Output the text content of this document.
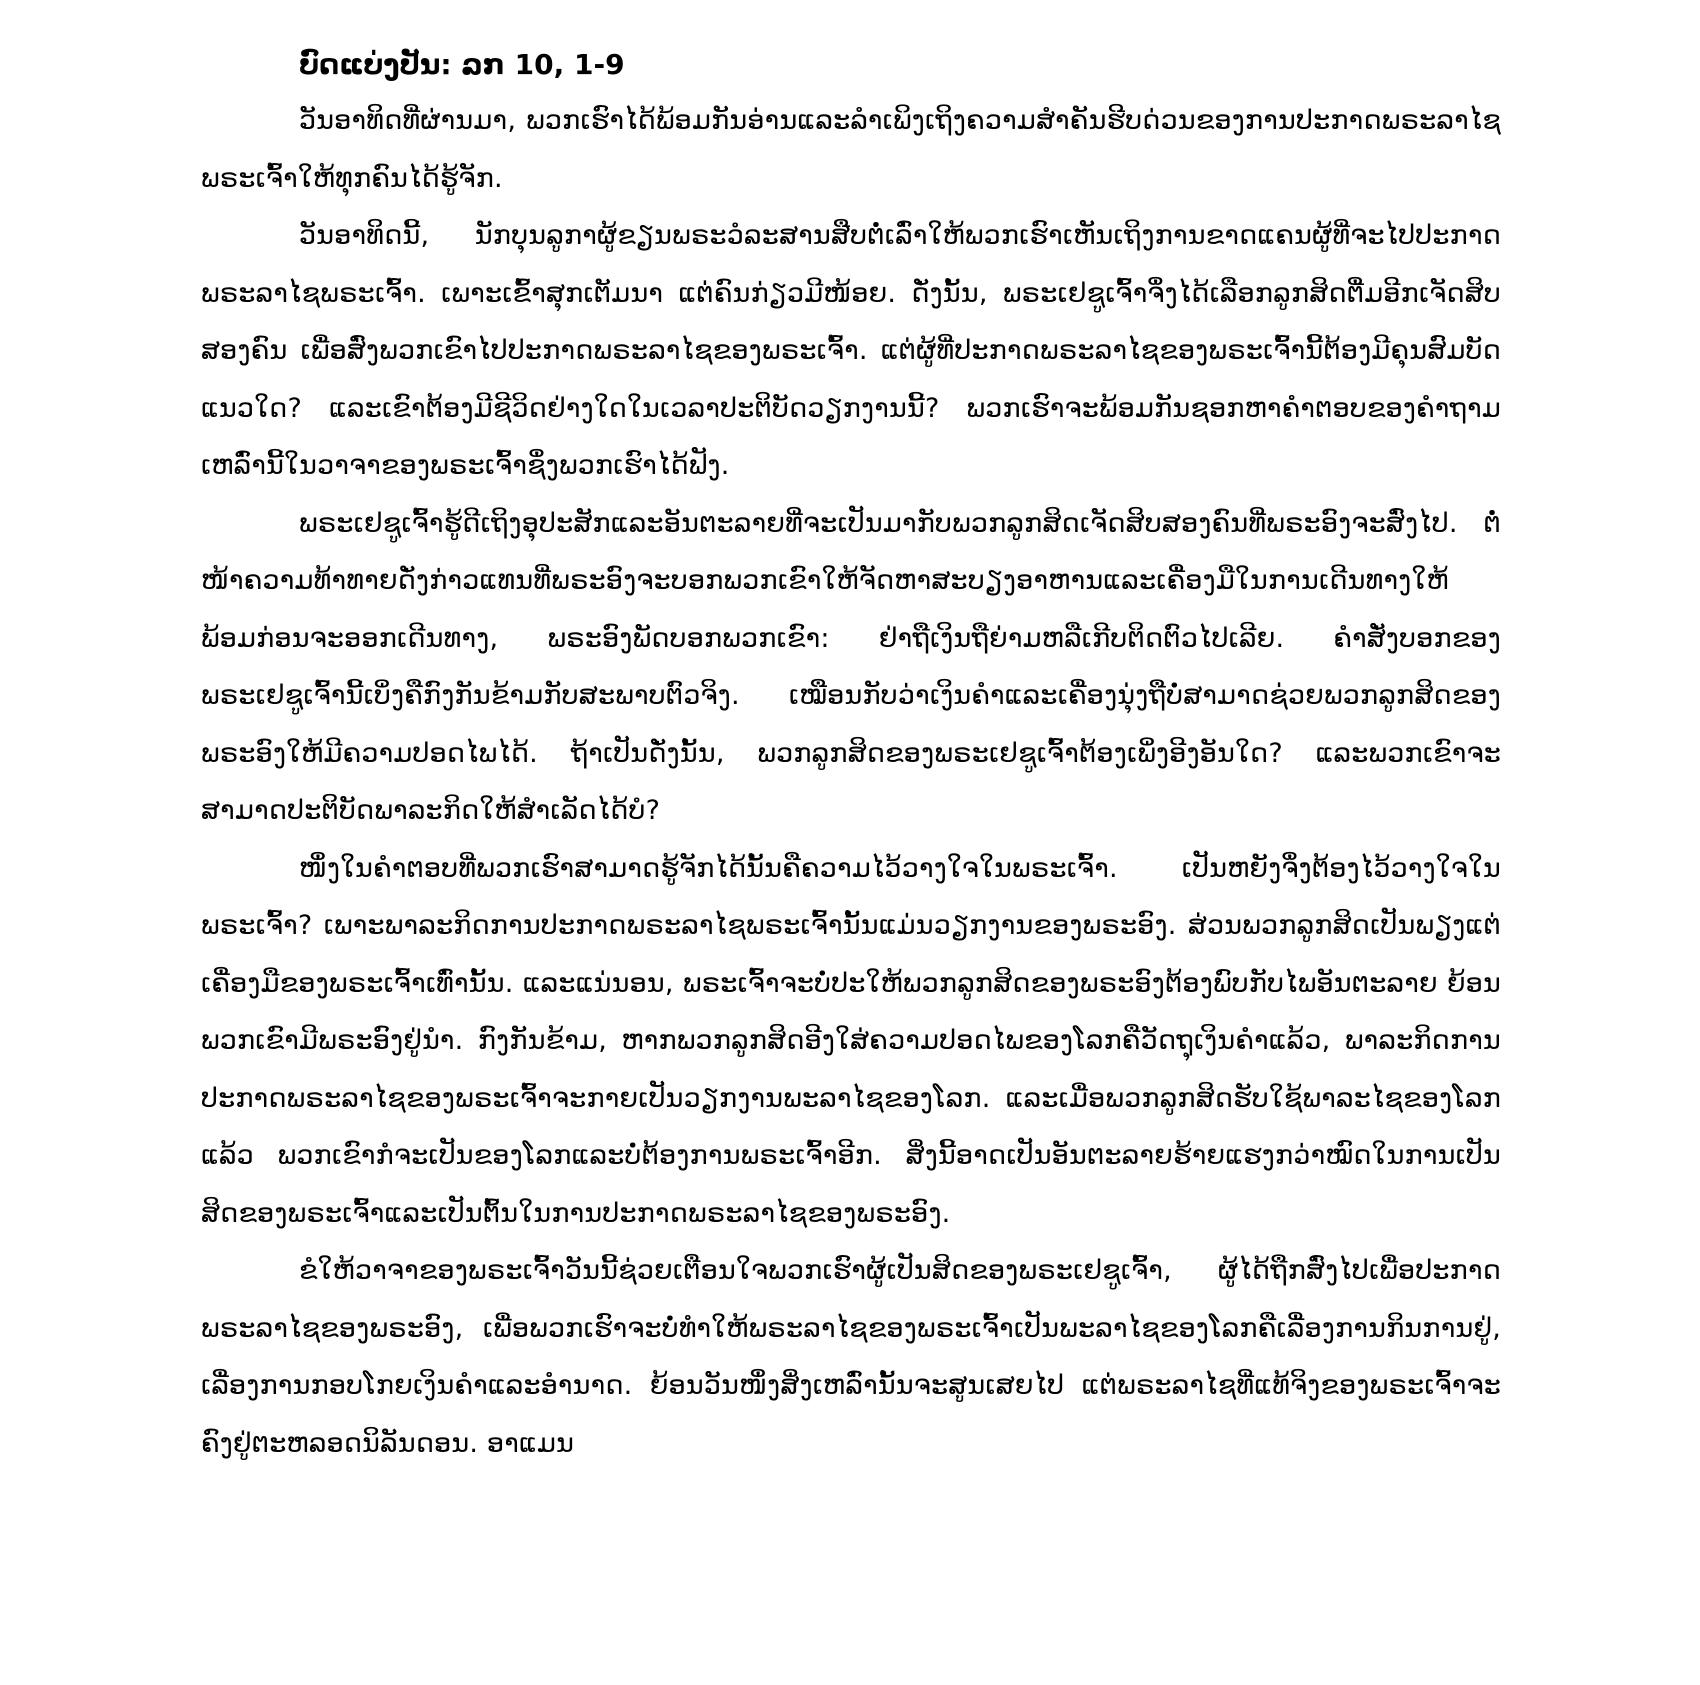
ບົດແບ່ງປັນ: ລກ 10, 1-9

ວັນອາທິດທີ່ຜ່ານມາ, ພວກເຮົາໄດ້ພ້ອມກັນອ່ານແລະລຳເພິງເຖິງຄວາມສຳຄັນຮີບດ່ວນຂອງການປະກາດພຣະລາໄຊພຣະເຈົ້າໃຫ້ທຸກຄົນໄດ້ຮູ້ຈັກ.

ວັນອາທິດນີ້, ນັກບຸນລູກາຜູ້ຂຽນພຣະວໍລະສານສືບຕໍ່ເລົ່າໃຫ້ພວກເຮົາເຫັນເຖິງການຂາດແຄນຜູ້ທີ່ຈະໄປປະກາດພຣະລາໄຊພຣະເຈົ້າ. ເພາະເຂົ້າສຸກເຕັມນາ ແຕ່ຄົນກ່ຽວມີໜ້ອຍ. ດັ່ງນັ້ນ, ພຣະເຢຊູເຈົ້າຈຶ່ງໄດ້ເລືອກລູກສິດຕື່ມອີກເຈັດສິບສອງຄົນ ເພື່ອສົ່ງພວກເຂົາໄປປະກາດພຣະລາໄຊຂອງພຣະເຈົ້າ. ແຕ່ຜູ້ທີ່ປະກາດພຣະລາໄຊຂອງພຣະເຈົ້ານີ້ຕ້ອງມີຄຸນສົມບັດແນວໃດ? ແລະເຂົາຕ້ອງມີຊີວິດຢ່າງໃດໃນເວລາປະຕິບັດວຽກງານນີ້? ພວກເຮົາຈະພ້ອມກັນຊອກຫາຄຳຕອບຂອງຄຳຖາມເຫລົ່ານີ້ໃນວາຈາຂອງພຣະເຈົ້າຊຶ່ງພວກເຮົາໄດ້ຟັງ.

ພຣະເຢຊູເຈົ້າຮູ້ດີເຖິງອຸປະສັກແລະອັນຕະລາຍທີ່ຈະເປັນມາກັບພວກລູກສິດເຈັດສິບສອງຄົນທີ່ພຣະອົງຈະສົ່ງໄປ. ຕໍ່ໜ້າຄວາມທ້າທາຍດັ່ງກ່າວແທນທີ່ພຣະອົງຈະບອກພວກເຂົາໃຫ້ຈັດຫາສະບຽງອາຫານແລະເຄື່ອງມືໃນການເດີນທາງໃຫ້ພ້ອມກ່ອນຈະອອກເດີນທາງ, ພຣະອົງພັດບອກພວກເຂົາ: ຢ່າຖືເງິນຖືຍ່າມຫລືເກີບຕິດຕົວໄປເລີຍ. ຄຳສັ່ງບອກຂອງພຣະເຢຊູເຈົ້ານີ້ເບິ່ງຄືກົງກັນຂ້າມກັບສະພາບຕົວຈິງ. ເໝືອນກັບວ່າເງິນຄຳແລະເຄື່ອງນຸ່ງຖືບໍ່ສາມາດຊ່ວຍພວກລູກສິດຂອງພຣະອົງໃຫ້ມີຄວາມປອດໄພໄດ້. ຖ້າເປັນດັ່ງນັ້ນ, ພວກລູກສິດຂອງພຣະເຢຊູເຈົ້າຕ້ອງເພິ່ງອີງອັນໃດ? ແລະພວກເຂົາຈະສາມາດປະຕິບັດພາລະກິດໃຫ້ສຳເລັດໄດ້ບໍ?

ໜຶ່ງໃນຄຳຕອບທີ່ພວກເຮົາສາມາດຮູ້ຈັກໄດ້ນັ້ນຄືຄວາມໄວ້ວາງໃຈໃນພຣະເຈົ້າ. ເປັນຫຍັງຈຶ່ງຕ້ອງໄວ້ວາງໃຈໃນພຣະເຈົ້າ? ເພາະພາລະກິດການປະກາດພຣະລາໄຊພຣະເຈົ້ານັ້ນແມ່ນວຽກງານຂອງພຣະອົງ. ສ່ວນພວກລູກສິດເປັນພຽງແຕ່ເຄື່ອງມືຂອງພຣະເຈົ້າເທົ່ານັ້ນ. ແລະແນ່ນອນ, ພຣະເຈົ້າຈະບໍ່ປະໃຫ້ພວກລູກສິດຂອງພຣະອົງຕ້ອງພົບກັບໄພອັນຕະລາຍ ຍ້ອນພວກເຂົາມີພຣະອົງຢູ່ນຳ. ກົງກັນຂ້າມ, ຫາກພວກລູກສິດອີງໃສ່ຄວາມປອດໄພຂອງໂລກຄືວັດຖຸເງິນຄຳແລ້ວ, ພາລະກິດການປະກາດພຣະລາໄຊຂອງພຣະເຈົ້າຈະກາຍເປັນວຽກງານພະລາໄຊຂອງໂລກ. ແລະເມື່ອພວກລູກສິດຮັບໃຊ້ພາລະໄຊຂອງໂລກແລ້ວ ພວກເຂົາກໍຈະເປັນຂອງໂລກແລະບໍ່ຕ້ອງການພຣະເຈົ້າອີກ. ສິ່ງນີ້ອາດເປັນອັນຕະລາຍຮ້າຍແຮງກວ່າໝົດໃນການເປັນສິດຂອງພຣະເຈົ້າແລະເປັນຕົ້ນໃນການປະກາດພຣະລາໄຊຂອງພຣະອົງ.

ຂໍໃຫ້ວາຈາຂອງພຣະເຈົ້າວັນນີ້ຊ່ວຍເຕືອນໃຈພວກເຮົາຜູ້ເປັນສິດຂອງພຣະເຢຊູເຈົ້າ, ຜູ້ໄດ້ຖືກສົ່ງໄປເພື່ອປະກາດພຣະລາໄຊຂອງພຣະອົງ, ເພື່ອພວກເຮົາຈະບໍ່ທຳໃຫ້ພຣະລາໄຊຂອງພຣະເຈົ້າເປັນພະລາໄຊຂອງໂລກຄືເລື່ອງການກິນການຢູ່, ເລື່ອງການກອບໂກຍເງິນຄຳແລະອຳນາດ. ຍ້ອນວັນໜຶ່ງສິ່ງເຫລົ່ານັ້ນຈະສູນເສຍໄປ ແຕ່ພຣະລາໄຊທີ່ແທ້ຈິງຂອງພຣະເຈົ້າຈະຄົງຢູ່ຕະຫລອດນິລັນດອນ. ອາແມນ
